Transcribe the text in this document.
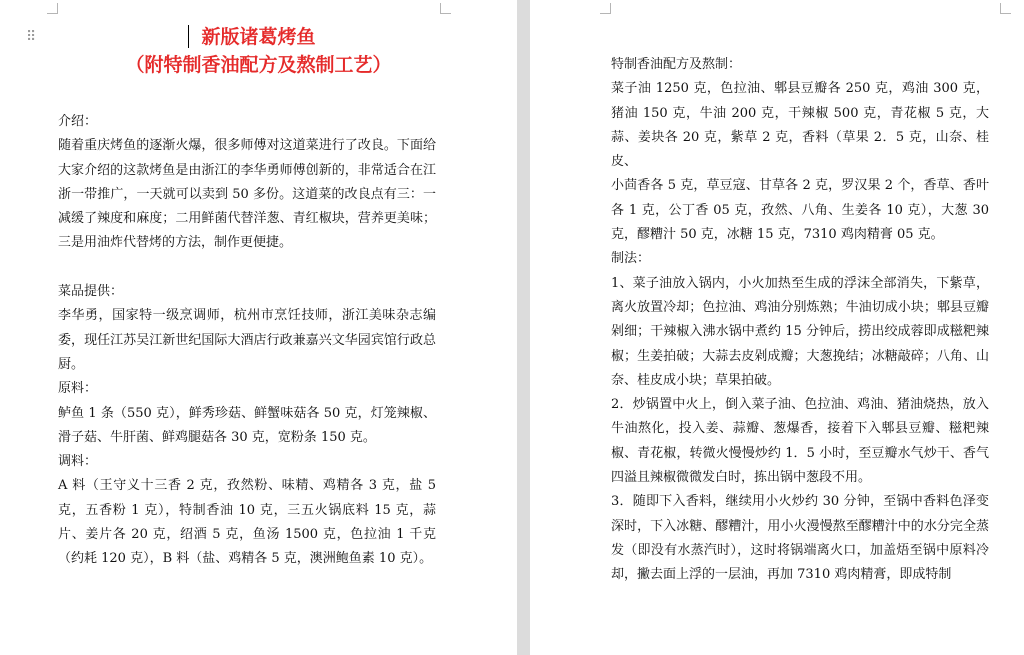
⠿	新版诸葛烤鱼
（附特制香油配方及熬制工艺）

介绍：

随着重庆烤鱼的逐渐火爆，很多师傅对这道菜进行了改良。下面给大家介绍的这款烤鱼是由浙江的李华勇师傅创新的，非常适合在江浙一带推广，一天就可以卖到 50 多份。这道菜的改良点有三：一减缓了辣度和麻度；二用鲜菌代替洋葱、青红椒块，营养更美味；三是用油炸代替烤的方法，制作更便捷。

菜品提供：

李华勇，国家特一级烹调师，杭州市烹饪技师，浙江美味杂志编委，现任江苏吴江新世纪国际大酒店行政兼嘉兴文华园宾馆行政总厨。

原料：

鲈鱼 1 条（550 克），鲜秀珍菇、鲜蟹味菇各 50 克，灯笼辣椒、滑子菇、牛肝菌、鲜鸡腿菇各 30 克，宽粉条 150 克。

调料：

A 料（王守义十三香 2 克，孜然粉、味精、鸡精各 3 克，盐 5 克，五香粉 1 克），特制香油 10 克，三五火锅底料 15 克，蒜片、姜片各 20 克，绍酒 5 克，鱼汤 1500 克，色拉油 1 千克（约耗 120 克），B 料（盐、鸡精各 5 克，澳洲鲍鱼素 10 克）。

特制香油配方及熬制：

菜子油 1250 克，色拉油、郫县豆瓣各 250 克，鸡油 300 克，猪油 150 克，牛油 200 克，干辣椒 500 克，青花椒 5 克，大蒜、姜块各 20 克，紫草 2 克，香料（草果 2．5 克，山奈、桂皮、

小茴香各 5 克，草豆寇、甘草各 2 克，罗汉果 2 个，香草、香叶各 1 克，公丁香 05 克，孜然、八角、生姜各 10 克），大葱 30 克，醪糟汁 50 克，冰糖 15 克，7310 鸡肉精膏 05 克。

制法：

1、菜子油放入锅内，小火加热至生成的浮沫全部消失，下紫草，离火放置冷却；色拉油、鸡油分别炼熟；牛油切成小块；郫县豆瓣剁细；干辣椒入沸水锅中煮约 15 分钟后，捞出绞成蓉即成糍粑辣椒；生姜拍破；大蒜去皮剁成瓣；大葱挽结；冰糖敲碎；八角、山奈、桂皮成小块；草果拍破。

2．炒锅置中火上，倒入菜子油、色拉油、鸡油、猪油烧热，放入牛油熬化，投入姜、蒜瓣、葱爆香，接着下入郫县豆瓣、糍粑辣椒、青花椒，转微火慢慢炒约 1．5 小时，至豆瓣水气炒干、香气四溢且辣椒微微发白时，拣出锅中葱段不用。

3．随即下入香料，继续用小火炒约 30 分钟，至锅中香料色泽变深时，下入冰糖、醪糟汁，用小火漫慢熬至醪糟汁中的水分完全蒸发（即没有水蒸汽时），这时将锅端离火口，加盖焐至锅中原料冷却，撇去面上浮的一层油，再加 7310 鸡肉精膏，即成特制
